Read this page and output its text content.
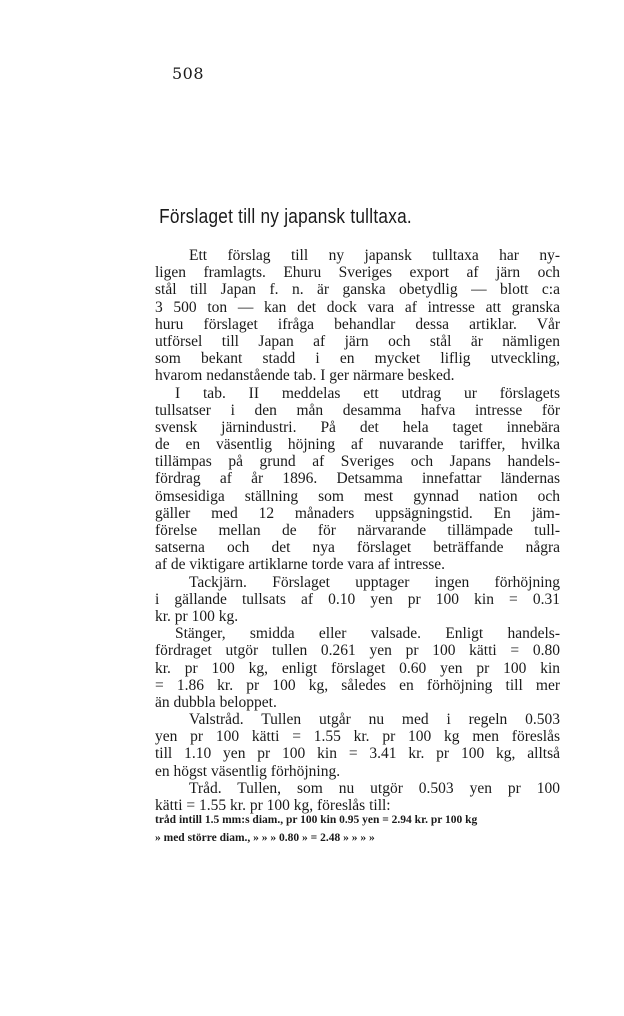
508
Förslaget till ny japansk tulltaxa.
Ett förslag till ny japansk tulltaxa har ny-
ligen framlagts. Ehuru Sveriges export af järn och
stål till Japan f. n. är ganska obetydlig — blott c:a
3 500 ton — kan det dock vara af intresse att granska
huru förslaget ifråga behandlar dessa artiklar. Vår
utförsel till Japan af järn och stål är nämligen
som bekant stadd i en mycket liflig utveckling,
hvarom nedanstående tab. I ger närmare besked.
I tab. II meddelas ett utdrag ur förslagets
tullsatser i den mån desamma hafva intresse för
svensk järnindustri. På det hela taget innebära
de en väsentlig höjning af nuvarande tariffer, hvilka
tillämpas på grund af Sveriges och Japans handels-
fördrag af år 1896. Detsamma innefattar ländernas
ömsesidiga ställning som mest gynnad nation och
gäller med 12 månaders uppsägningstid. En jäm-
förelse mellan de för närvarande tillämpade tull-
satserna och det nya förslaget beträffande några
af de viktigare artiklarne torde vara af intresse.
Tackjärn. Förslaget upptager ingen förhöjning
i gällande tullsats af 0.10 yen pr 100 kin = 0.31
kr. pr 100 kg.
Stänger, smidda eller valsade. Enligt handels-
fördraget utgör tullen 0.261 yen pr 100 kätti = 0.80
kr. pr 100 kg, enligt förslaget 0.60 yen pr 100 kin
= 1.86 kr. pr 100 kg, således en förhöjning till mer
än dubbla beloppet.
Valstråd. Tullen utgår nu med i regeln 0.503
yen pr 100 kätti = 1.55 kr. pr 100 kg men föreslås
till 1.10 yen pr 100 kin = 3.41 kr. pr 100 kg, alltså
en högst väsentlig förhöjning.
Tråd. Tullen, som nu utgör 0.503 yen pr 100
kätti = 1.55 kr. pr 100 kg, föreslås till:
tråd intill 1.5 mm:s diam., pr 100 kin 0.95 yen = 2.94 kr. pr 100 kg
» med större diam., » » » 0.80 » = 2.48 » » » »
